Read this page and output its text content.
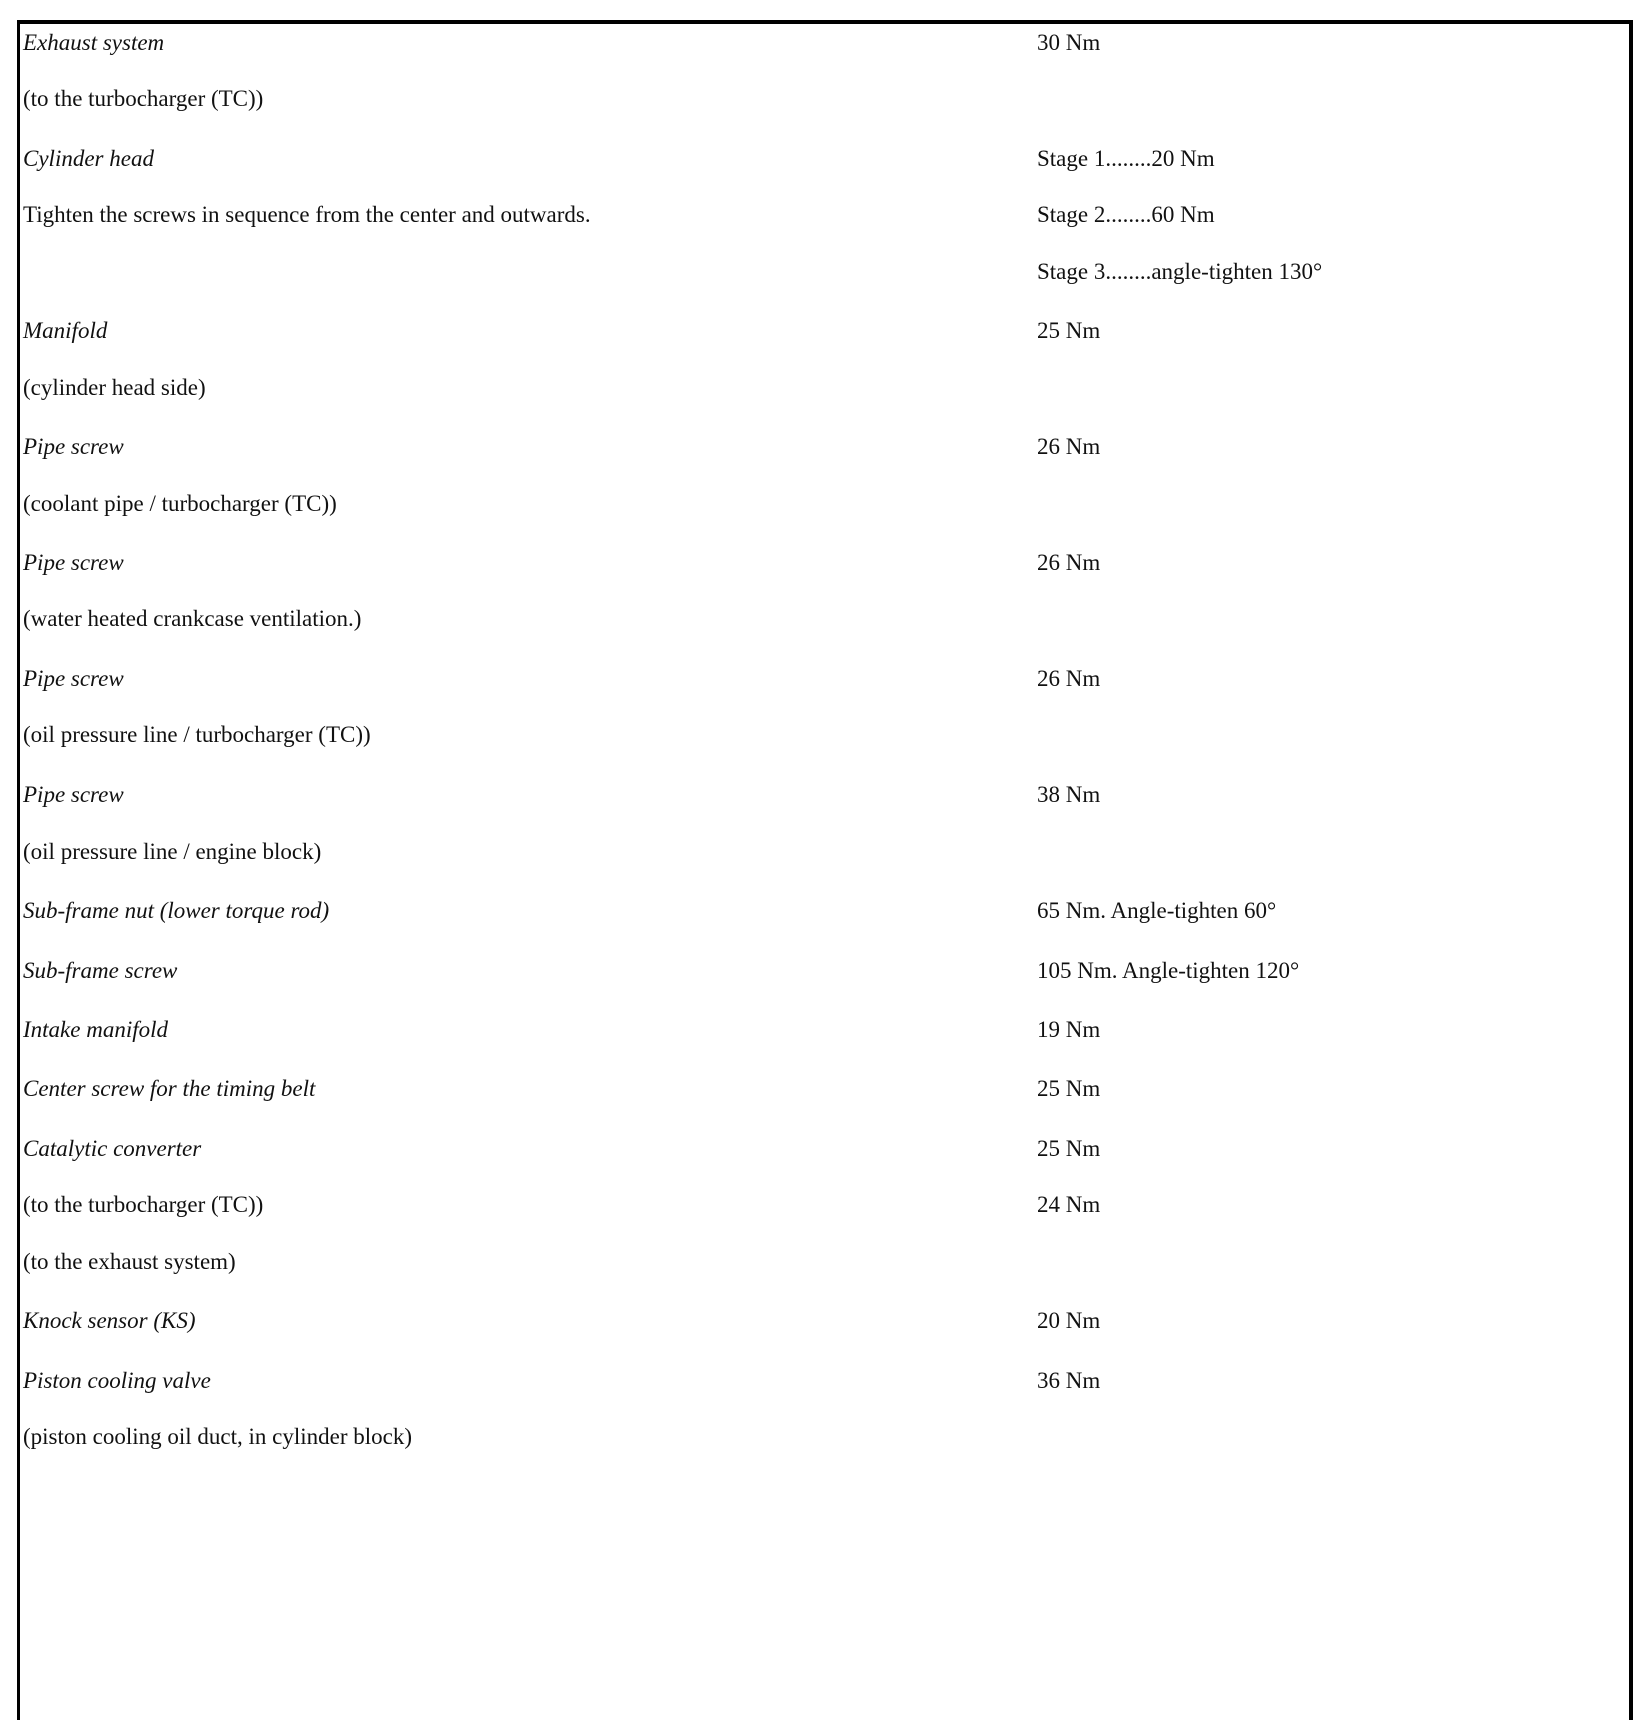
Exhaust system	30 Nm
(to the turbocharger (TC))
Cylinder head	Stage 1........20 Nm
Tighten the screws in sequence from the center and outwards.	Stage 2........60 Nm
Stage 3........angle-tighten 130°
Manifold	25 Nm
(cylinder head side)
Pipe screw	26 Nm
(coolant pipe / turbocharger (TC))
Pipe screw	26 Nm
(water heated crankcase ventilation.)
Pipe screw	26 Nm
(oil pressure line / turbocharger (TC))
Pipe screw	38 Nm
(oil pressure line / engine block)
Sub-frame nut (lower torque rod)	65 Nm. Angle-tighten 60°
Sub-frame screw	105 Nm. Angle-tighten 120°
Intake manifold	19 Nm
Center screw for the timing belt	25 Nm
Catalytic converter	25 Nm
(to the turbocharger (TC))	24 Nm
(to the exhaust system)
Knock sensor (KS)	20 Nm
Piston cooling valve	36 Nm
(piston cooling oil duct, in cylinder block)
